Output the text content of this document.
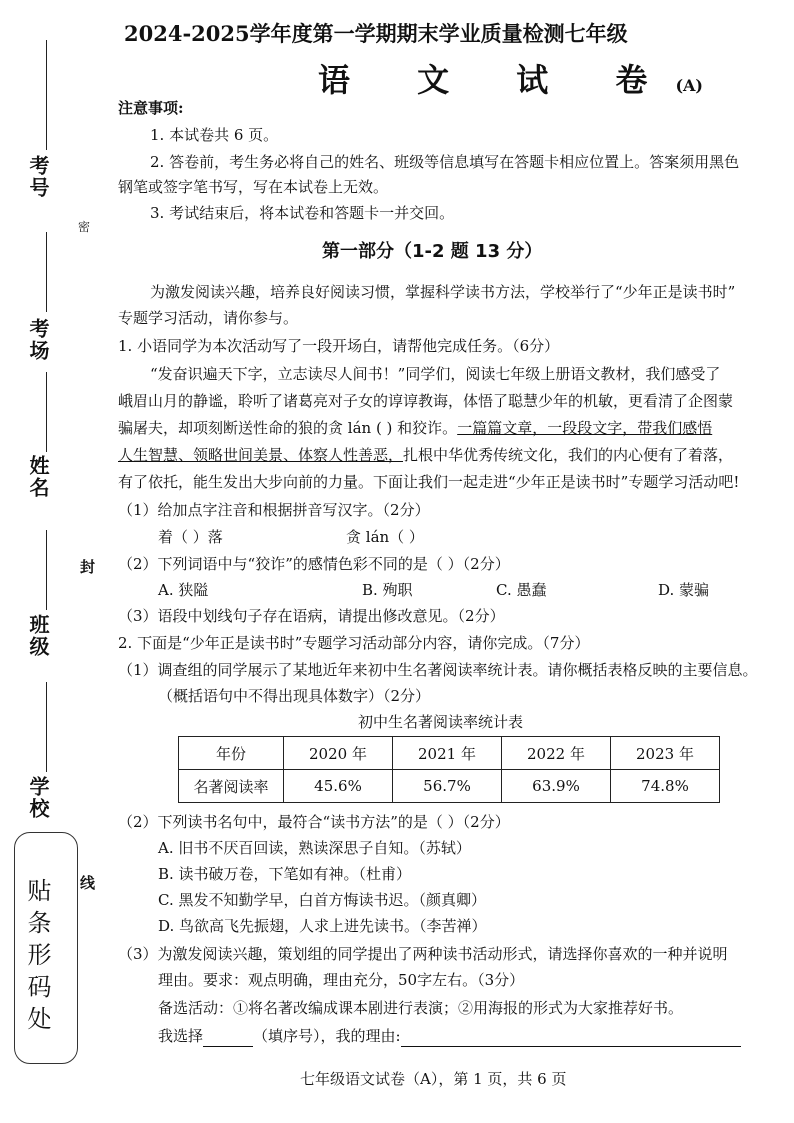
考号
考场
姓名
班级
学校
密
封
线
贴条形码处
2024-2025学年度第一学期期末学业质量检测七年级
语 文 试 卷(A)
注意事项:
1. 本试卷共 6 页。
2. 答卷前，考生务必将自己的姓名、班级等信息填写在答题卡相应位置上。答案须用黑色
钢笔或签字笔书写，写在本试卷上无效。
3. 考试结束后，将本试卷和答题卡一并交回。
第一部分（1-2 题 13 分）
为激发阅读兴趣，培养良好阅读习惯，掌握科学读书方法，学校举行了“少年正是读书时”
专题学习活动，请你参与。
1. 小语同学为本次活动写了一段开场白，请帮他完成任务。（6分）
“发奋识遍天下字，立志读尽人间书！”同学们，阅读七年级上册语文教材，我们感受了
峨眉山月的静谧，聆听了诸葛亮对子女的谆谆教诲，体悟了聪慧少年的机敏，更看清了企图蒙
骗屠夫，却项刻断送性命的狼的贪 lán ( ) 和狡诈。一篇篇文章，一段段文字，带我们感悟
人生智慧、领略世间美景、体察人性善恶，扎根中华优秀传统文化，我们的内心便有了着落，
有了依托，能生发出大步向前的力量。下面让我们一起走进“少年正是读书时”专题学习活动吧!
（1）给加点字注音和根据拼音写汉字。（2分）
着（ ）落	贪 lán（ ）
（2）下列词语中与“狡诈”的感情色彩不同的是（ ）（2分）
A. 狭隘	B. 殉职	C. 愚蠢	D. 蒙骗
（3）语段中划线句子存在语病，请提出修改意见。（2分）
2. 下面是“少年正是读书时”专题学习活动部分内容，请你完成。（7分）
（1）调查组的同学展示了某地近年来初中生名著阅读率统计表。请你概括表格反映的主要信息。
（概括语句中不得出现具体数字）（2分）
初中生名著阅读率统计表
年份	2020 年	2021 年	2022 年	2023 年
名著阅读率	45.6%	56.7%	63.9%	74.8%
（2）下列读书名句中，最符合“读书方法”的是（ ）（2分）
A. 旧书不厌百回读，熟读深思子自知。（苏轼）
B. 读书破万卷，下笔如有神。（杜甫）
C. 黑发不知勤学早，白首方悔读书迟。（颜真卿）
D. 鸟欲高飞先振翅，人求上进先读书。（李苦禅）
（3）为激发阅读兴趣，策划组的同学提出了两种读书活动形式，请选择你喜欢的一种并说明
理由。要求：观点明确，理由充分，50字左右。（3分）
备选活动：①将名著改编成课本剧进行表演；②用海报的形式为大家推荐好书。
我选择	（填序号），我的理由:
七年级语文试卷（A），第 1 页，共 6 页
